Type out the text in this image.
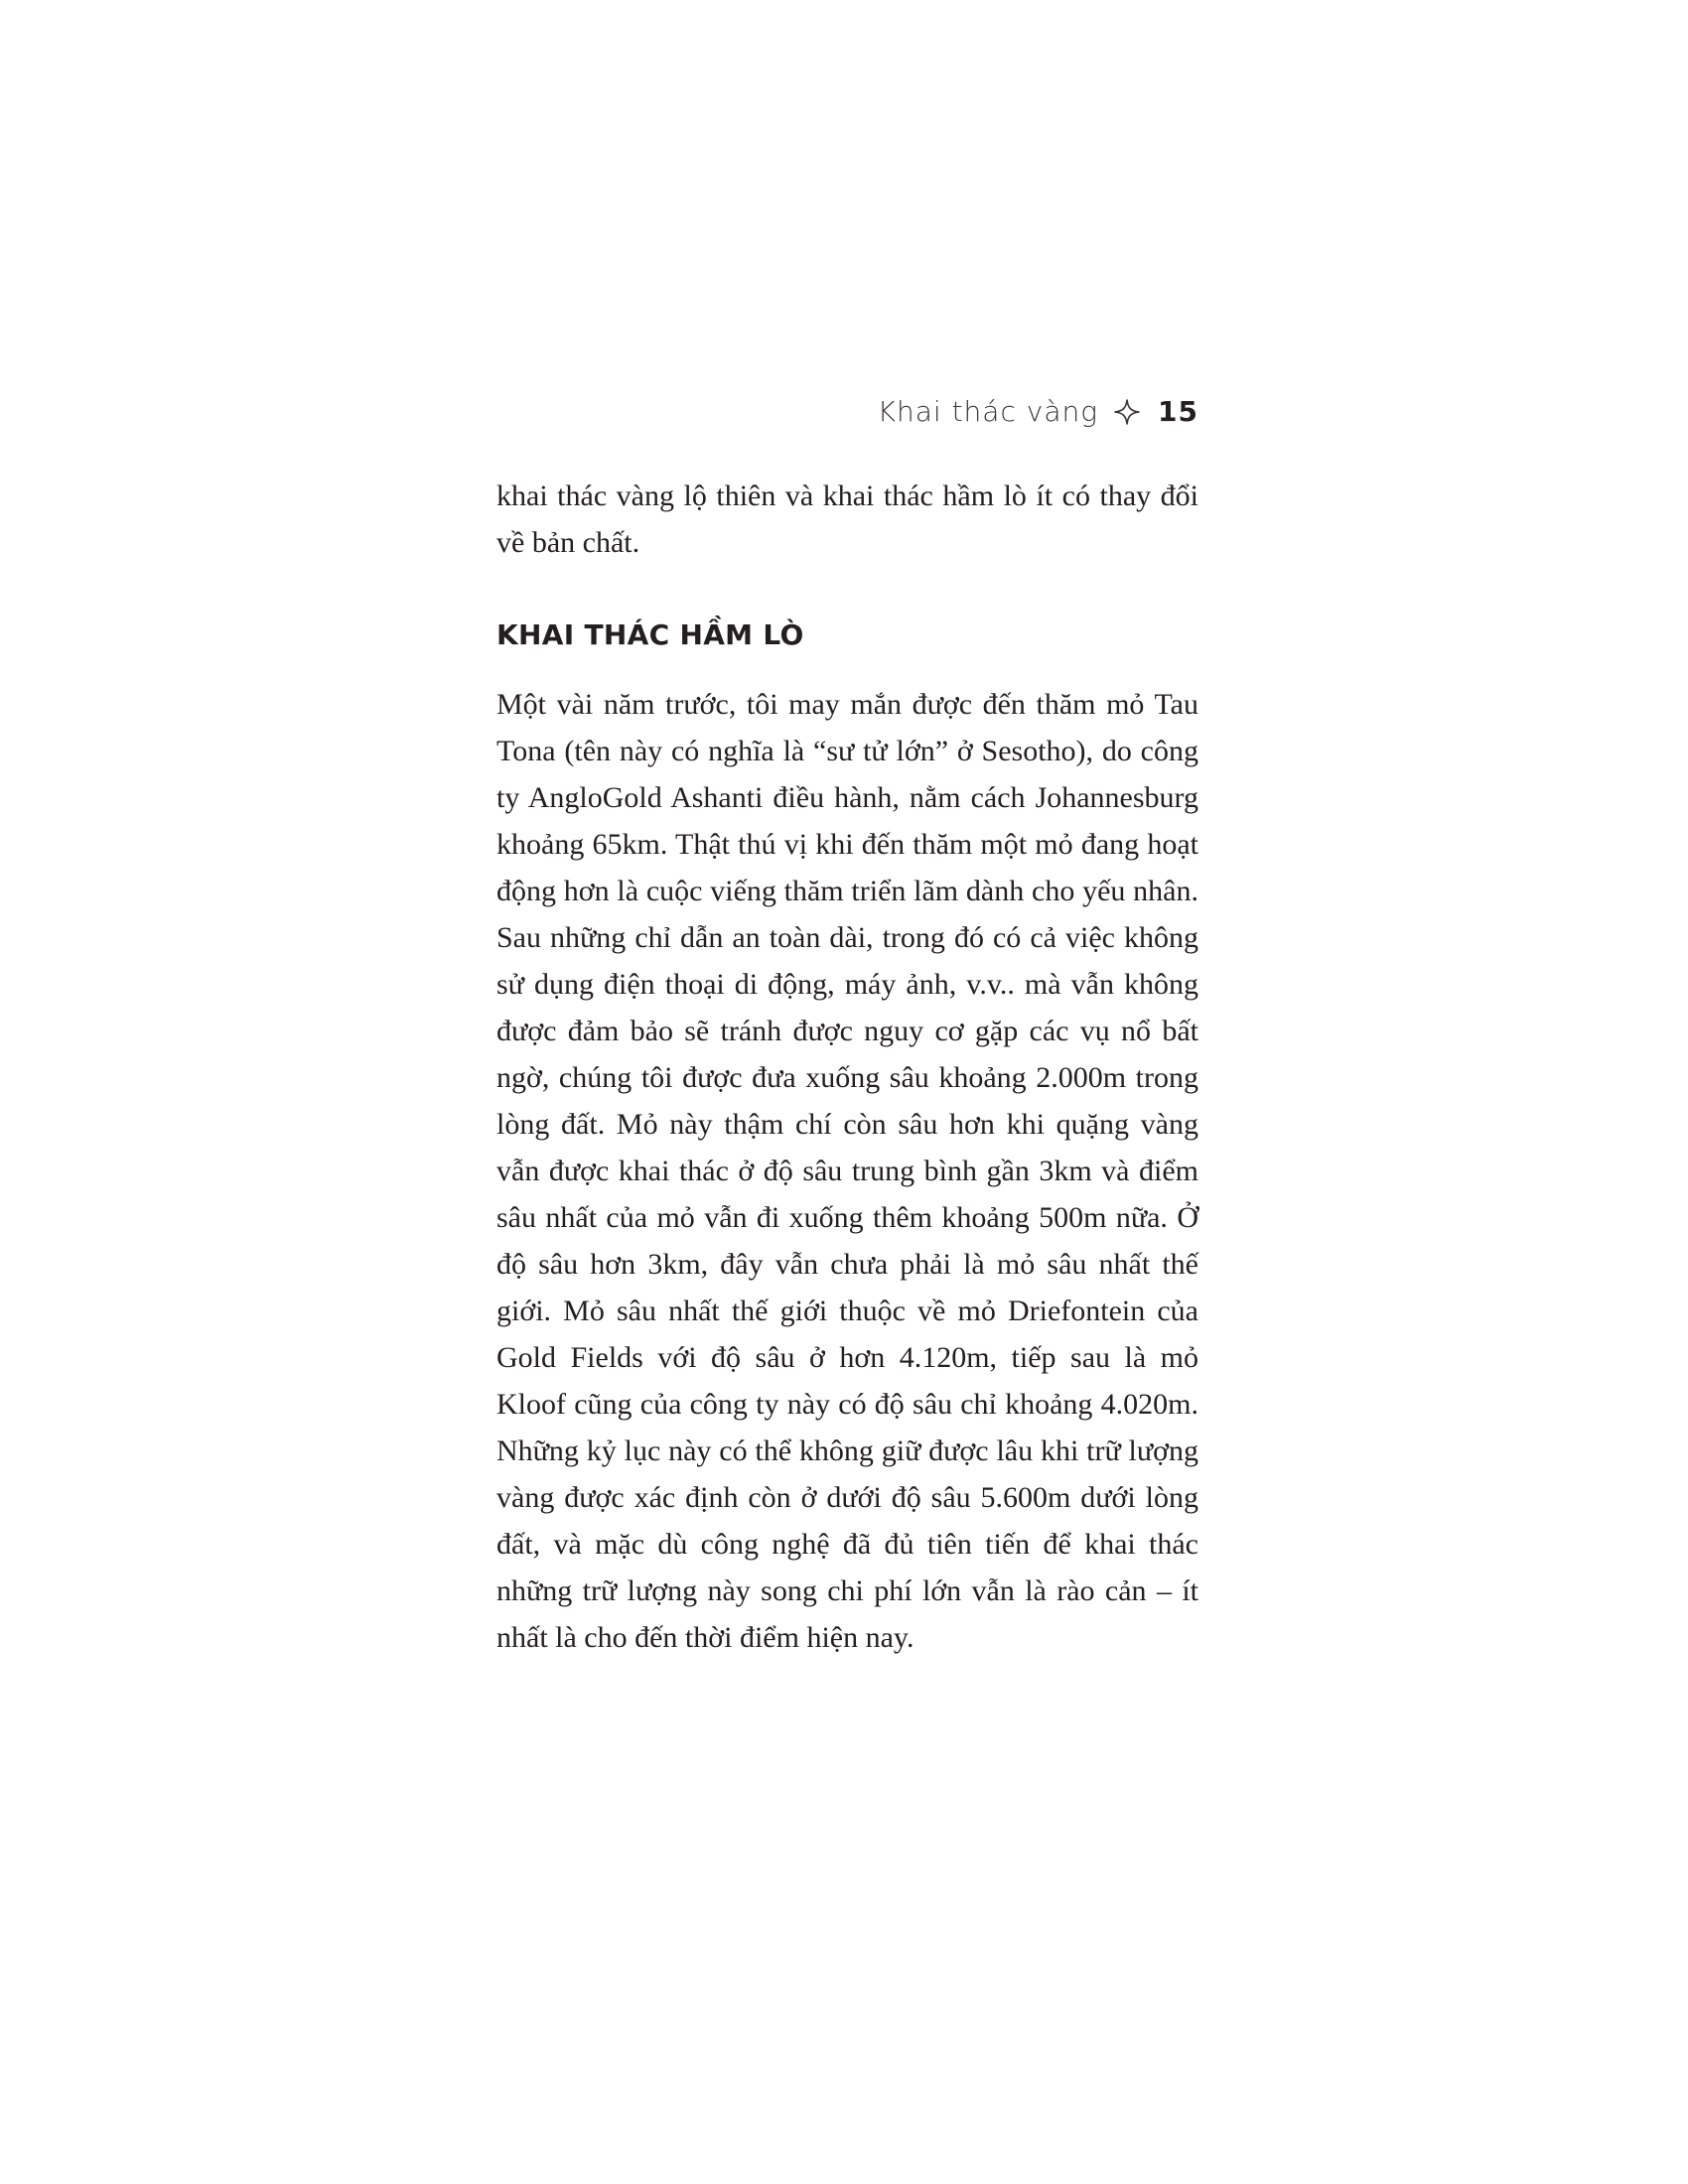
Khai thác vàng 15

khai thác vàng lộ thiên và khai thác hầm lò ít có thay đổi về bản chất.

KHAI THÁC HẦM LÒ

Một vài năm trước, tôi may mắn được đến thăm mỏ Tau Tona (tên này có nghĩa là “sư tử lớn” ở Sesotho), do công ty AngloGold Ashanti điều hành, nằm cách Johannesburg khoảng 65km. Thật thú vị khi đến thăm một mỏ đang hoạt động hơn là cuộc viếng thăm triển lãm dành cho yếu nhân. Sau những chỉ dẫn an toàn dài, trong đó có cả việc không sử dụng điện thoại di động, máy ảnh, v.v.. mà vẫn không được đảm bảo sẽ tránh được nguy cơ gặp các vụ nổ bất ngờ, chúng tôi được đưa xuống sâu khoảng 2.000m trong lòng đất. Mỏ này thậm chí còn sâu hơn khi quặng vàng vẫn được khai thác ở độ sâu trung bình gần 3km và điểm sâu nhất của mỏ vẫn đi xuống thêm khoảng 500m nữa. Ở độ sâu hơn 3km, đây vẫn chưa phải là mỏ sâu nhất thế giới. Mỏ sâu nhất thế giới thuộc về mỏ Driefontein của Gold Fields với độ sâu ở hơn 4.120m, tiếp sau là mỏ Kloof cũng của công ty này có độ sâu chỉ khoảng 4.020m. Những kỷ lục này có thể không giữ được lâu khi trữ lượng vàng được xác định còn ở dưới độ sâu 5.600m dưới lòng đất, và mặc dù công nghệ đã đủ tiên tiến để khai thác những trữ lượng này song chi phí lớn vẫn là rào cản – ít nhất là cho đến thời điểm hiện nay.
